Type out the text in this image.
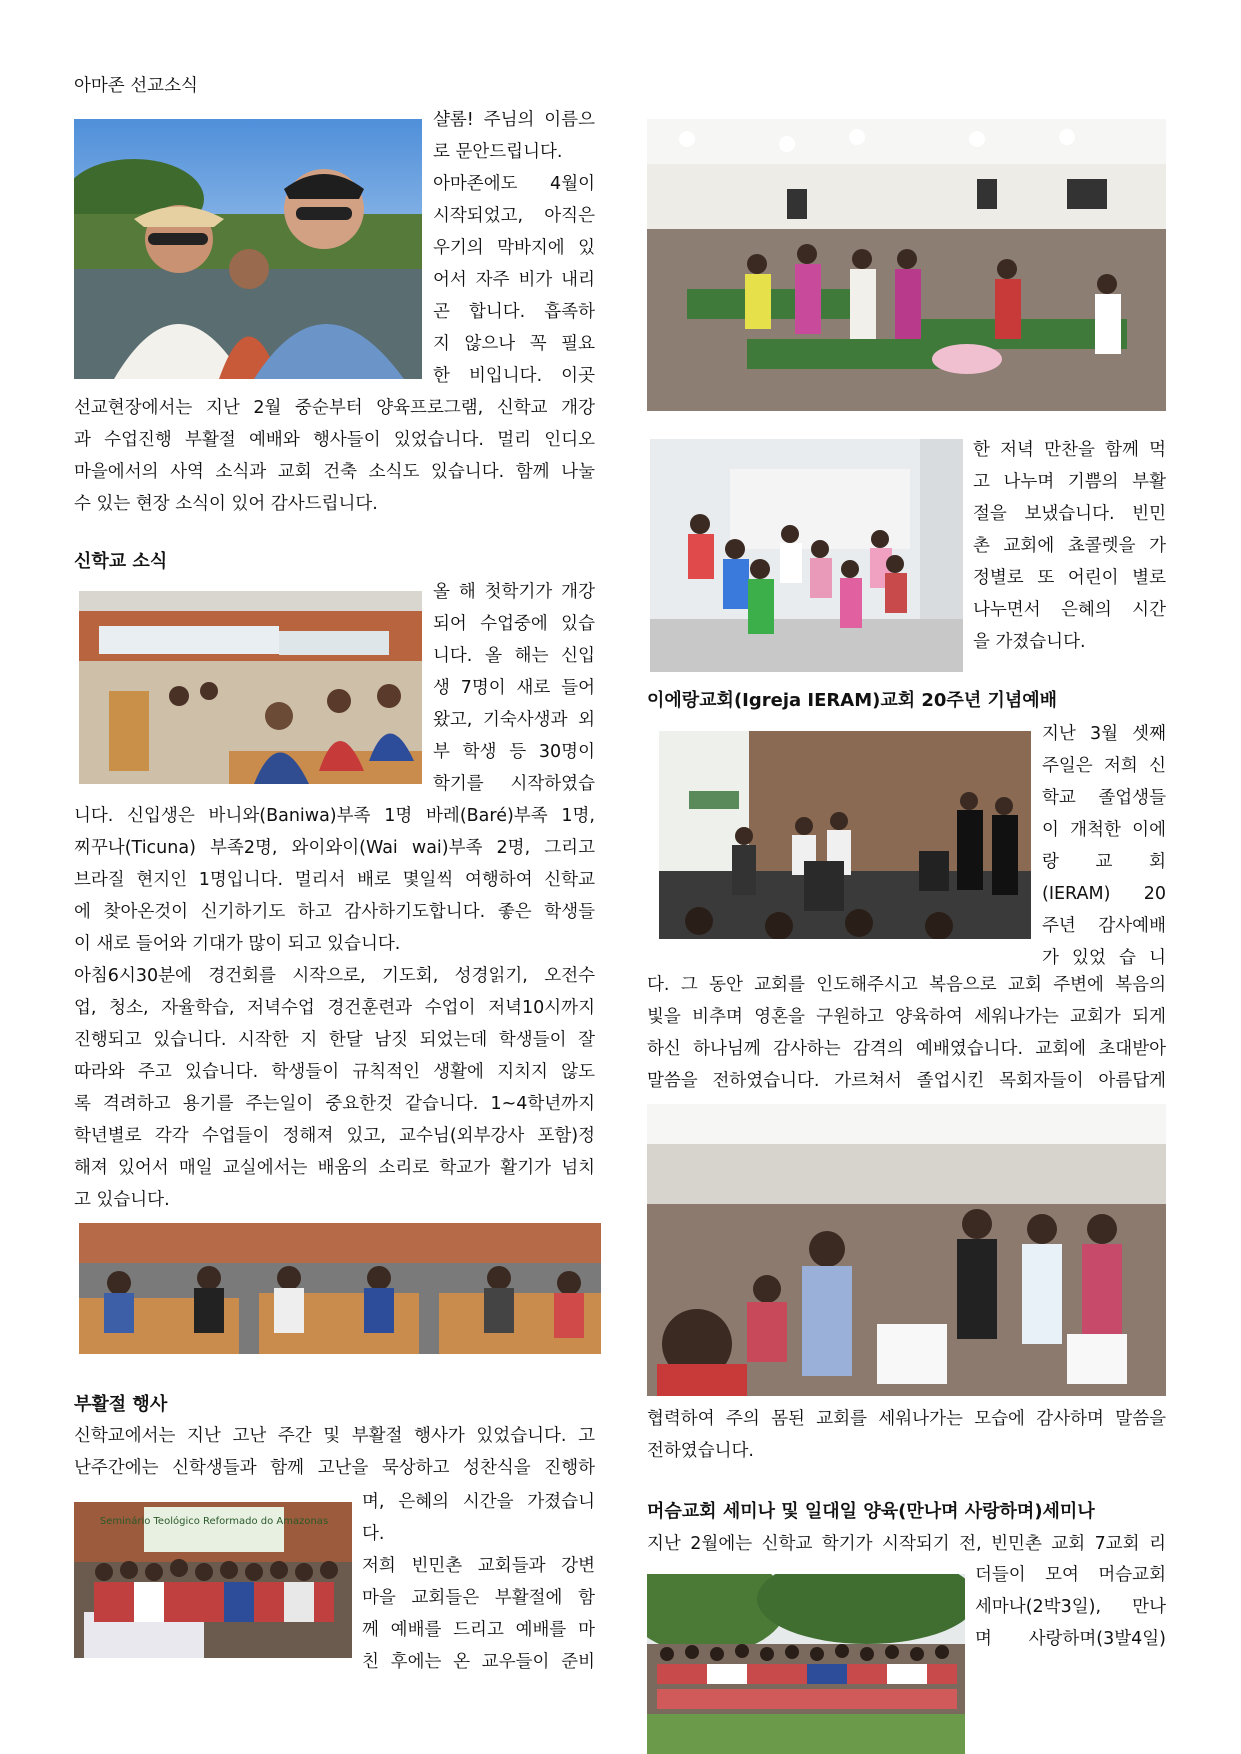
아마존 선교소식
샬롬! 주님의 이름으
로 문안드립니다.
아마존에도 4월이
시작되었고, 아직은
우기의 막바지에 있
어서 자주 비가 내리
곤 합니다. 흡족하
지 않으나 꼭 필요
한 비입니다. 이곳
선교현장에서는 지난 2월 중순부터 양육프로그램, 신학교 개강
과 수업진행 부활절 예배와 행사들이 있었습니다. 멀리 인디오
마을에서의 사역 소식과 교회 건축 소식도 있습니다. 함께 나눌
수 있는 현장 소식이 있어 감사드립니다.
신학교 소식
올 해 첫학기가 개강
되어 수업중에 있습
니다. 올 해는 신입
생 7명이 새로 들어
왔고, 기숙사생과 외
부 학생 등 30명이
학기를 시작하였습
니다. 신입생은 바니와(Baniwa)부족 1명 바레(Baré)부족 1명,
찌꾸나(Ticuna) 부족2명, 와이와이(Wai wai)부족 2명, 그리고
브라질 현지인 1명입니다. 멀리서 배로 몇일씩 여행하여 신학교
에 찾아온것이 신기하기도 하고 감사하기도합니다. 좋은 학생들
이 새로 들어와 기대가 많이 되고 있습니다.
아침6시30분에 경건회를 시작으로, 기도회, 성경읽기, 오전수
업, 청소, 자율학습, 저녁수업 경건훈련과 수업이 저녁10시까지
진행되고 있습니다. 시작한 지 한달 남짓 되었는데 학생들이 잘
따라와 주고 있습니다. 학생들이 규칙적인 생활에 지치지 않도
록 격려하고 용기를 주는일이 중요한것 같습니다. 1~4학년까지
학년별로 각각 수업들이 정해져 있고, 교수님(외부강사 포함)정
해져 있어서 매일 교실에서는 배움의 소리로 학교가 활기가 넘치
고 있습니다.
부활절 행사
신학교에서는 지난 고난 주간 및 부활절 행사가 있었습니다. 고
난주간에는 신학생들과 함께 고난을 묵상하고 성찬식을 진행하
Seminário Teológico Reformado do Amazonas
며, 은혜의 시간을 가졌습니
다.
저희 빈민촌 교회들과 강변
마을 교회들은 부활절에 함
께 예배를 드리고 예배를 마
친 후에는 온 교우들이 준비
한 저녁 만찬을 함께 먹
고 나누며 기쁨의 부활
절을 보냈습니다. 빈민
촌 교회에 쵸콜렛을 가
정별로 또 어린이 별로
나누면서 은혜의 시간
을 가졌습니다.
이에랑교회(Igreja IERAM)교회 20주년 기념예배
지난 3월 셋째
주일은 저희 신
학교 졸업생들
이 개척한 이에
랑 교 회
(IERAM) 20
주년 감사예배
가 있었 습 니
다. 그 동안 교회를 인도해주시고 복음으로 교회 주변에 복음의
빛을 비추며 영혼을 구원하고 양육하여 세워나가는 교회가 되게
하신 하나님께 감사하는 감격의 예배였습니다. 교회에 초대받아
말씀을 전하였습니다. 가르쳐서 졸업시킨 목회자들이 아름답게
협력하여 주의 몸된 교회를 세워나가는 모습에 감사하며 말씀을
전하였습니다.
머슴교회 세미나 및 일대일 양육(만나며 사랑하며)세미나
지난 2월에는 신학교 학기가 시작되기 전, 빈민촌 교회 7교회 리
더들이 모여 머슴교회
세마나(2박3일), 만나
며 사랑하며(3발4일)
